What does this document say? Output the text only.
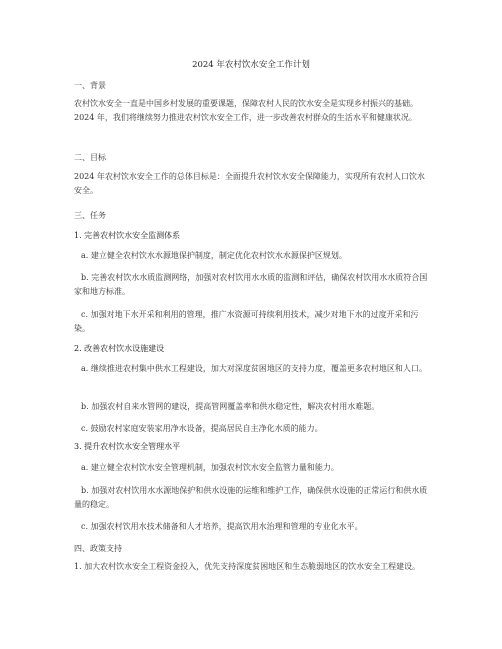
2024 年农村饮水安全工作计划
一、背景
农村饮水安全一直是中国乡村发展的重要课题，保障农村人民的饮水安全是实现乡村振兴的基础。2024 年，我们将继续努力推进农村饮水安全工作，进一步改善农村群众的生活水平和健康状况。
二、目标
2024 年农村饮水安全工作的总体目标是：全面提升农村饮水安全保障能力，实现所有农村人口饮水安全。
三、任务
1. 完善农村饮水安全监测体系
a. 建立健全农村饮水水源地保护制度，制定优化农村饮水水源保护区规划。
b. 完善农村饮水水质监测网络，加强对农村饮用水水质的监测和评估，确保农村饮用水水质符合国家和地方标准。
c. 加强对地下水开采和利用的管理，推广水资源可持续利用技术，减少对地下水的过度开采和污染。
2. 改善农村饮水设施建设
a. 继续推进农村集中供水工程建设，加大对深度贫困地区的支持力度，覆盖更多农村地区和人口。
b. 加强农村自来水管网的建设，提高管网覆盖率和供水稳定性，解决农村用水难题。
c. 鼓励农村家庭安装家用净水设备，提高居民自主净化水质的能力。
3. 提升农村饮水安全管理水平
a. 建立健全农村饮水安全管理机制，加强农村饮水安全监管力量和能力。
b. 加强对农村饮用水水源地保护和供水设施的运维和维护工作，确保供水设施的正常运行和供水质量的稳定。
c. 加强农村饮用水技术储备和人才培养，提高饮用水治理和管理的专业化水平。
四、政策支持
1. 加大农村饮水安全工程资金投入，优先支持深度贫困地区和生态脆弱地区的饮水安全工程建设。
